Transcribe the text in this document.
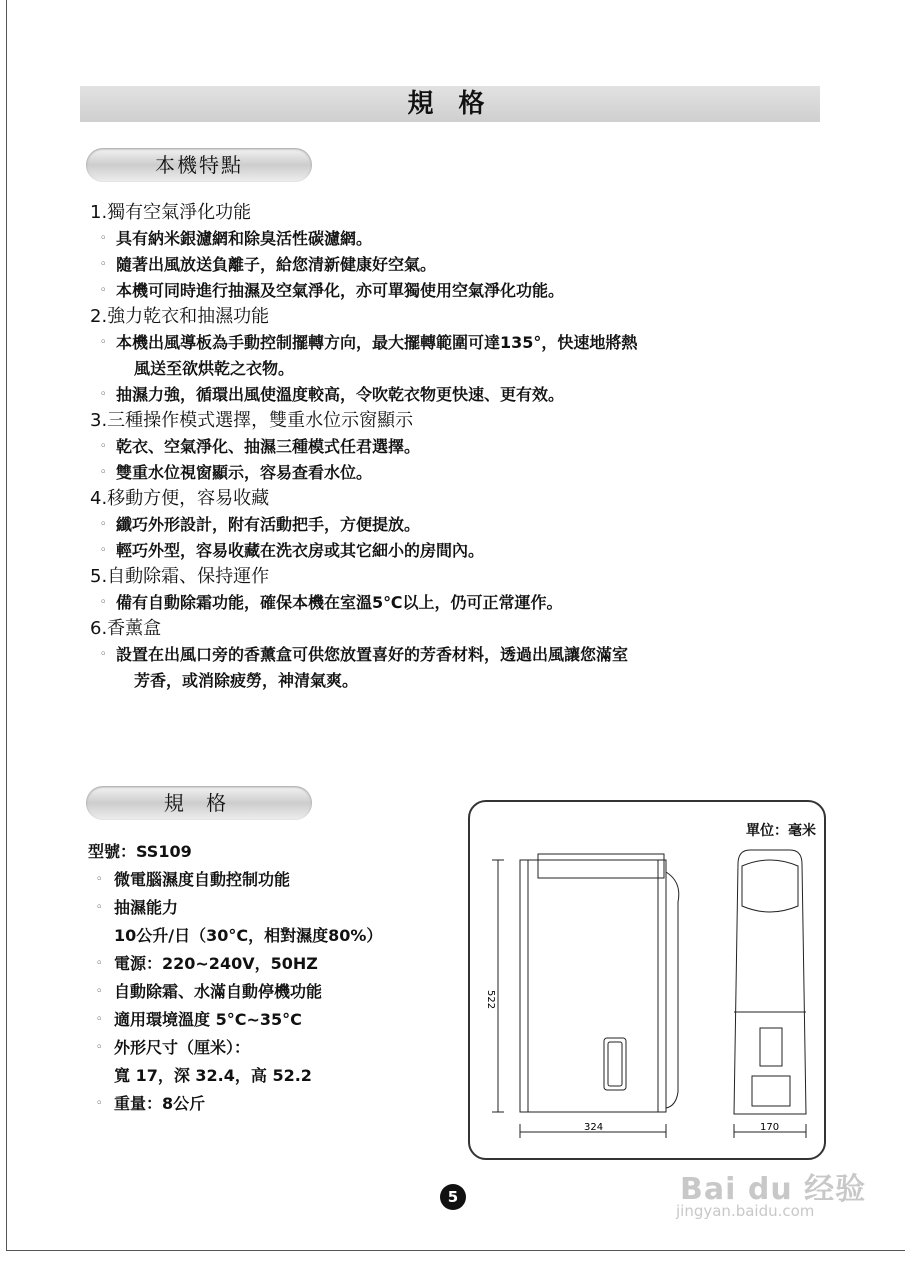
規 格
本機特點
1.獨有空氣淨化功能
◦ 具有納米銀濾網和除臭活性碳濾網。
◦ 隨著出風放送負離子，給您清新健康好空氣。
◦ 本機可同時進行抽濕及空氣淨化，亦可單獨使用空氣淨化功能。
2.強力乾衣和抽濕功能
◦ 本機出風導板為手動控制擺轉方向，最大擺轉範圍可達135°，快速地將熱
風送至欲烘乾之衣物。
◦ 抽濕力強，循環出風使溫度較高，令吹乾衣物更快速、更有效。
3.三種操作模式選擇，雙重水位示窗顯示
◦ 乾衣、空氣淨化、抽濕三種模式任君選擇。
◦ 雙重水位視窗顯示，容易查看水位。
4.移動方便，容易收藏
◦ 纖巧外形設計，附有活動把手，方便提放。
◦ 輕巧外型，容易收藏在洗衣房或其它細小的房間內。
5.自動除霜、保持運作
◦ 備有自動除霜功能，確保本機在室溫5℃以上，仍可正常運作。
6.香薰盒
◦ 設置在出風口旁的香薰盒可供您放置喜好的芳香材料，透過出風讓您滿室
芳香，或消除疲勞，神清氣爽。
規 格
型號：SS109
◦ 微電腦濕度自動控制功能
◦ 抽濕能力
10公升/日（30°C，相對濕度80%）
◦ 電源：220~240V，50HZ
◦ 自動除霜、水滿自動停機功能
◦ 適用環境溫度 5°C~35°C
◦ 外形尺寸（厘米）：
寬 17，深 32.4，高 52.2
◦ 重量：8公斤
單位：毫米
522
324	170
5	Bai du 经验
jingyan.baidu.com
